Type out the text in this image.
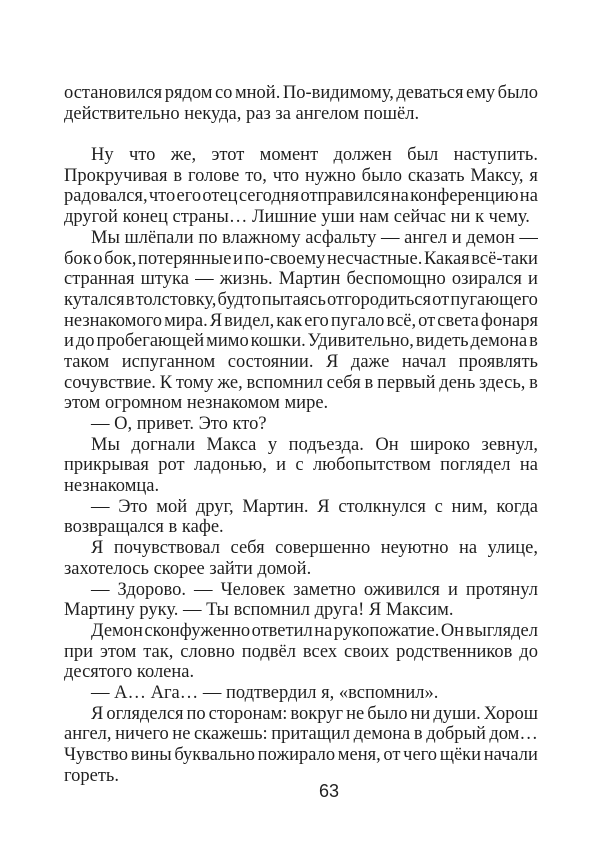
остановился рядом со мной. По-видимому, деваться ему было
действительно некуда, раз за ангелом пошёл.
Ну что же, этот момент должен был наступить.
Прокручивая в голове то, что нужно было сказать Максу, я
радовался, что его отец сегодня отправился на конференцию на
другой конец страны… Лишние уши нам сейчас ни к чему.
Мы шлёпали по влажному асфальту — ангел и демон —
бок о бок, потерянные и по-своему несчастные. Какая всё-таки
странная штука — жизнь. Мартин беспомощно озирался и
кутался в толстовку, будто пытаясь отгородиться от пугающего
незнакомого мира. Я видел, как его пугало всё, от света фонаря
и до пробегающей мимо кошки. Удивительно, видеть демона в
таком испуганном состоянии. Я даже начал проявлять
сочувствие. К тому же, вспомнил себя в первый день здесь, в
этом огромном незнакомом мире.
— О, привет. Это кто?
Мы догнали Макса у подъезда. Он широко зевнул,
прикрывая рот ладонью, и с любопытством поглядел на
незнакомца.
— Это мой друг, Мартин. Я столкнулся с ним, когда
возвращался в кафе.
Я почувствовал себя совершенно неуютно на улице,
захотелось скорее зайти домой.
— Здорово. — Человек заметно оживился и протянул
Мартину руку. — Ты вспомнил друга! Я Максим.
Демон сконфуженно ответил на рукопожатие. Он выглядел
при этом так, словно подвёл всех своих родственников до
десятого колена.
— А… Ага… — подтвердил я, «вспомнил».
Я огляделся по сторонам: вокруг не было ни души. Хорош
ангел, ничего не скажешь: притащил демона в добрый дом…
Чувство вины буквально пожирало меня, от чего щёки начали
гореть.
63
